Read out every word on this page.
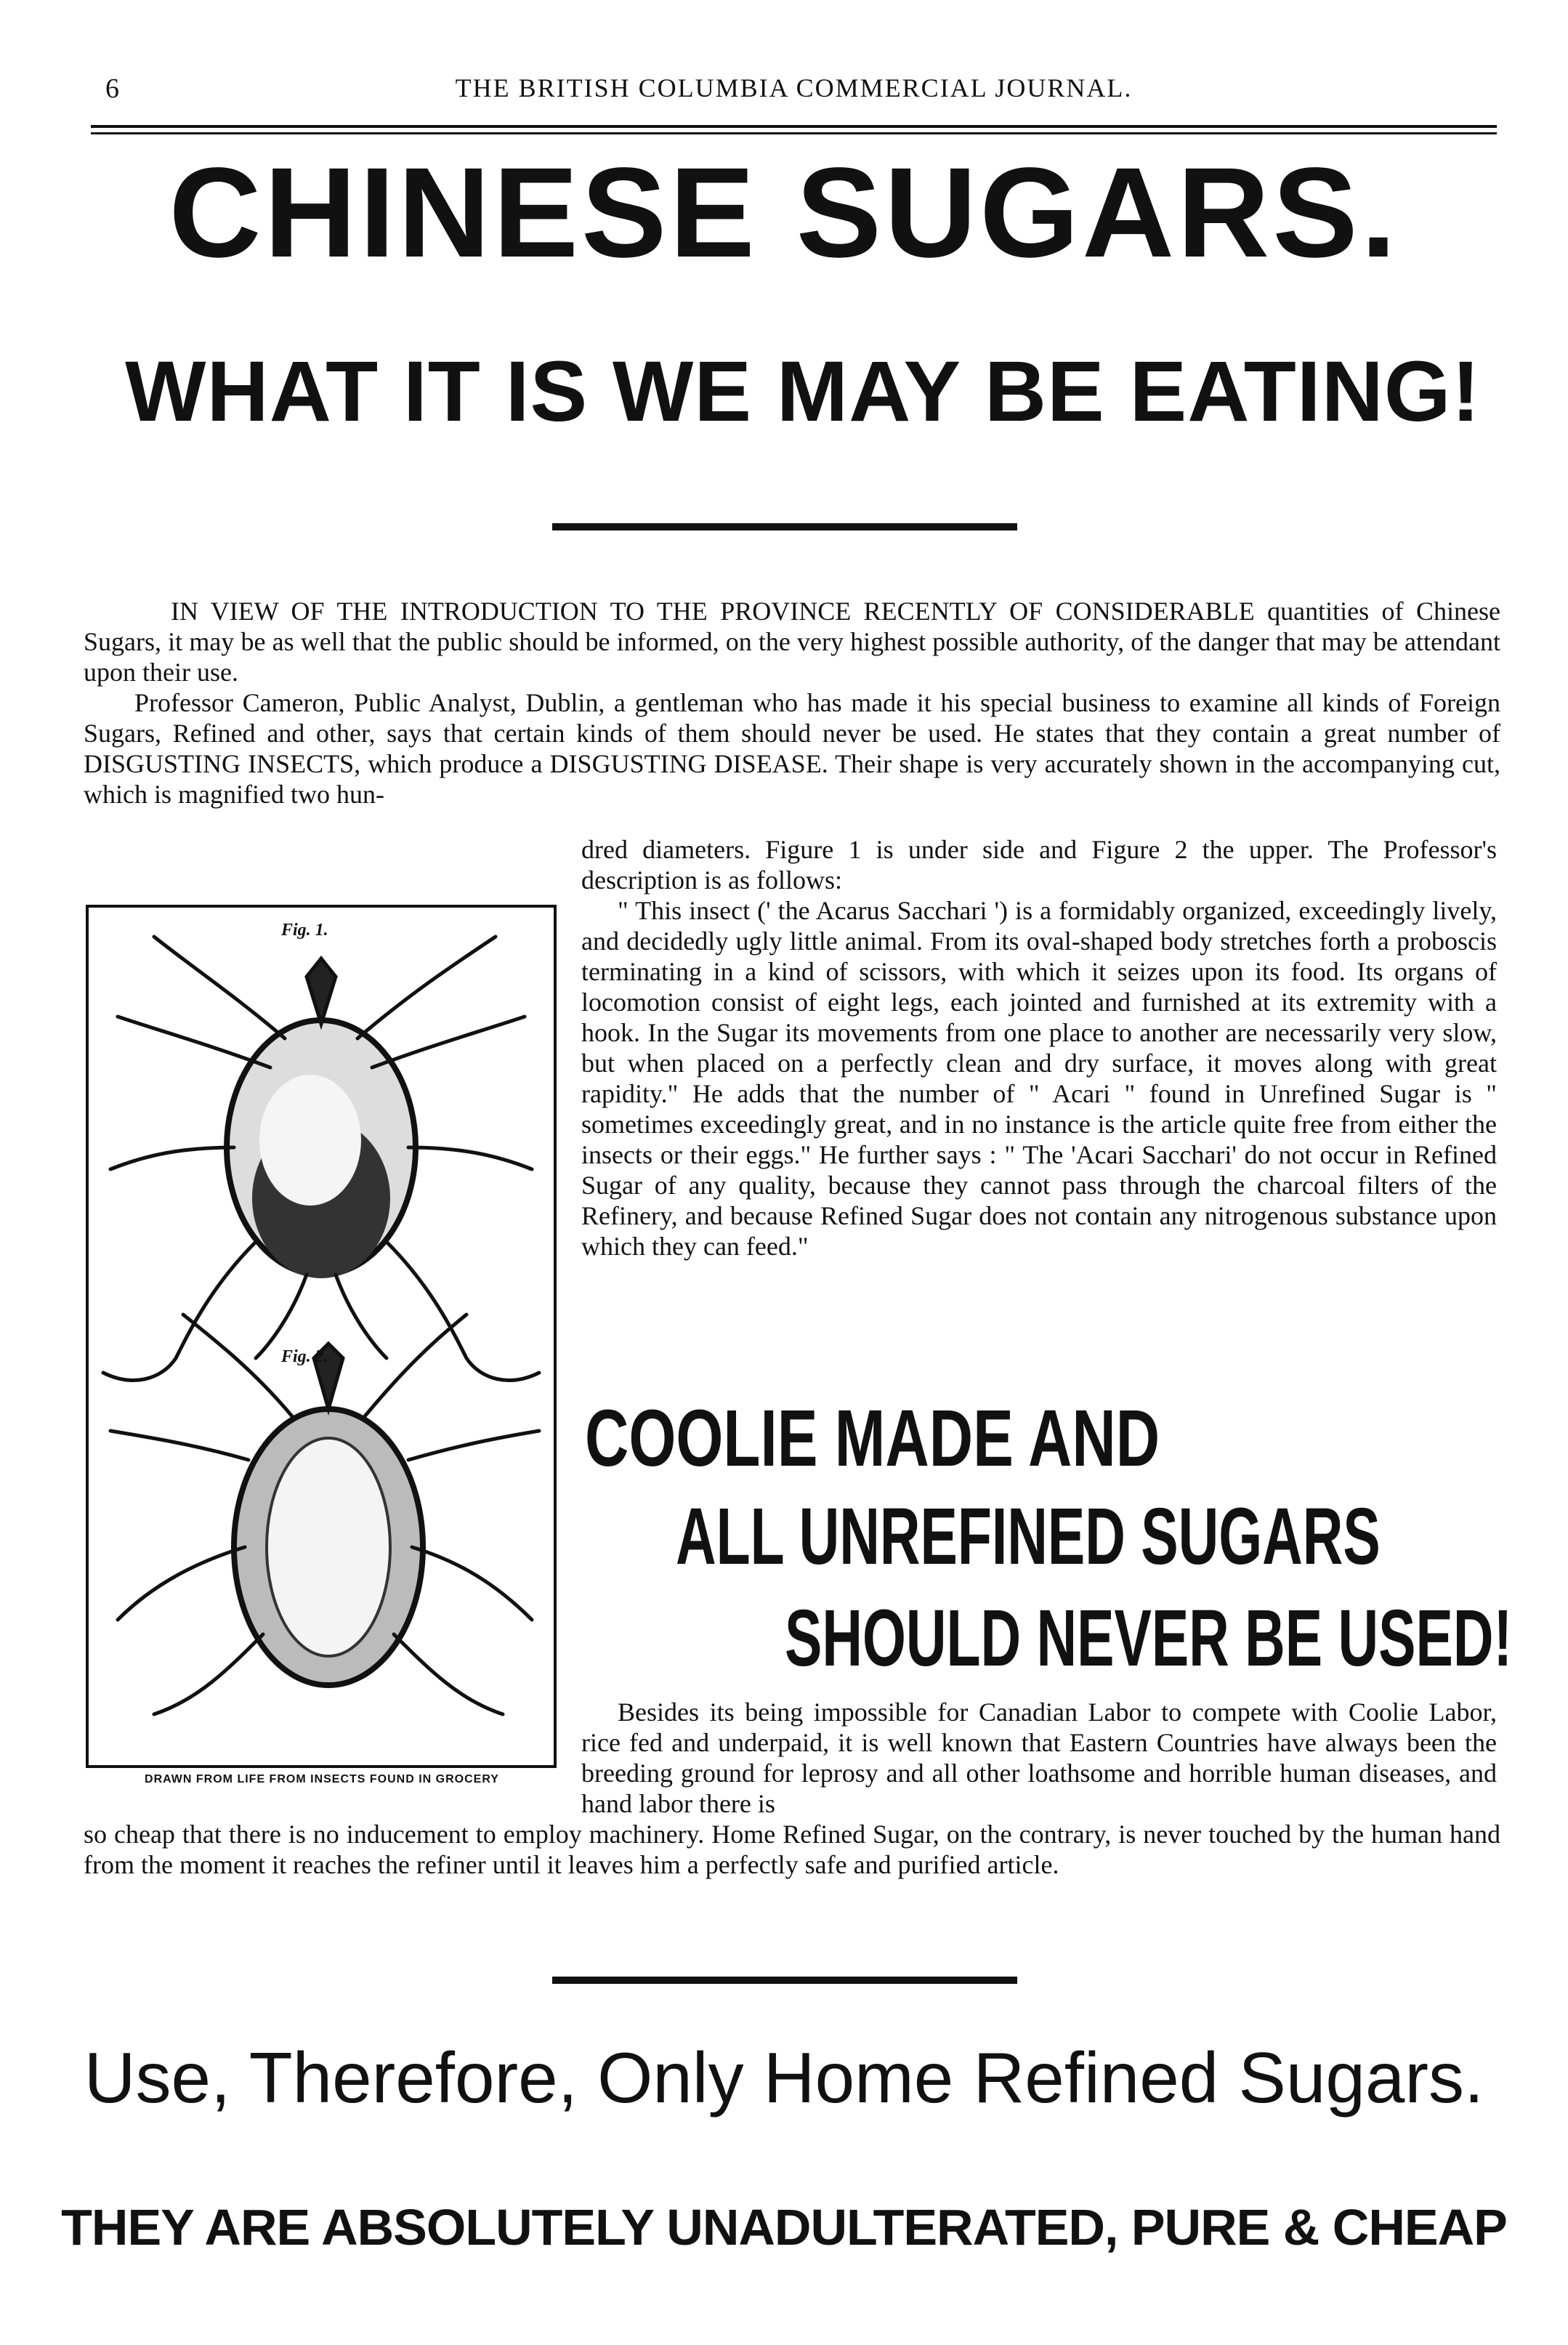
6	THE BRITISH COLUMBIA COMMERCIAL JOURNAL.
CHINESE SUGARS.
WHAT IT IS WE MAY BE EATING!

IN VIEW OF THE INTRODUCTION TO THE PROVINCE RECENTLY OF CONSIDERABLE quantities of Chinese Sugars, it may be as well that the public should be informed, on the very highest possible authority, of the danger that may be attendant upon their use.

Professor Cameron, Public Analyst, Dublin, a gentleman who has made it his special business to examine all kinds of Foreign Sugars, Refined and other, says that certain kinds of them should never be used. He states that they contain a great number of DISGUSTING INSECTS, which produce a DISGUSTING DISEASE. Their shape is very accurately shown in the accompanying cut, which is magnified two hun-

Fig. 1.
Fig. 2.
DRAWN FROM LIFE FROM INSECTS FOUND IN GROCERY

dred diameters. Figure 1 is under side and Figure 2 the upper. The Professor's description is as follows:

" This insect (' the Acarus Sacchari ') is a formidably organized, exceedingly lively, and decidedly ugly little animal. From its oval-shaped body stretches forth a proboscis terminating in a kind of scissors, with which it seizes upon its food. Its organs of locomotion consist of eight legs, each jointed and furnished at its extremity with a hook. In the Sugar its movements from one place to another are necessarily very slow, but when placed on a perfectly clean and dry surface, it moves along with great rapidity." He adds that the number of " Acari " found in Unrefined Sugar is " sometimes exceedingly great, and in no instance is the article quite free from either the insects or their eggs." He further says : " The 'Acari Sacchari' do not occur in Refined Sugar of any quality, because they cannot pass through the charcoal filters of the Refinery, and because Refined Sugar does not contain any nitrogenous substance upon which they can feed."

COOLIE MADE AND
ALL UNREFINED SUGARS
SHOULD NEVER BE USED!

Besides its being impossible for Canadian Labor to compete with Coolie Labor, rice fed and underpaid, it is well known that Eastern Countries have always been the breeding ground for leprosy and all other loathsome and horrible human diseases, and hand labor there is

so cheap that there is no inducement to employ machinery. Home Refined Sugar, on the contrary, is never touched by the human hand from the moment it reaches the refiner until it leaves him a perfectly safe and purified article.

Use, Therefore, Only Home Refined Sugars.
THEY ARE ABSOLUTELY UNADULTERATED, PURE & CHEAP
